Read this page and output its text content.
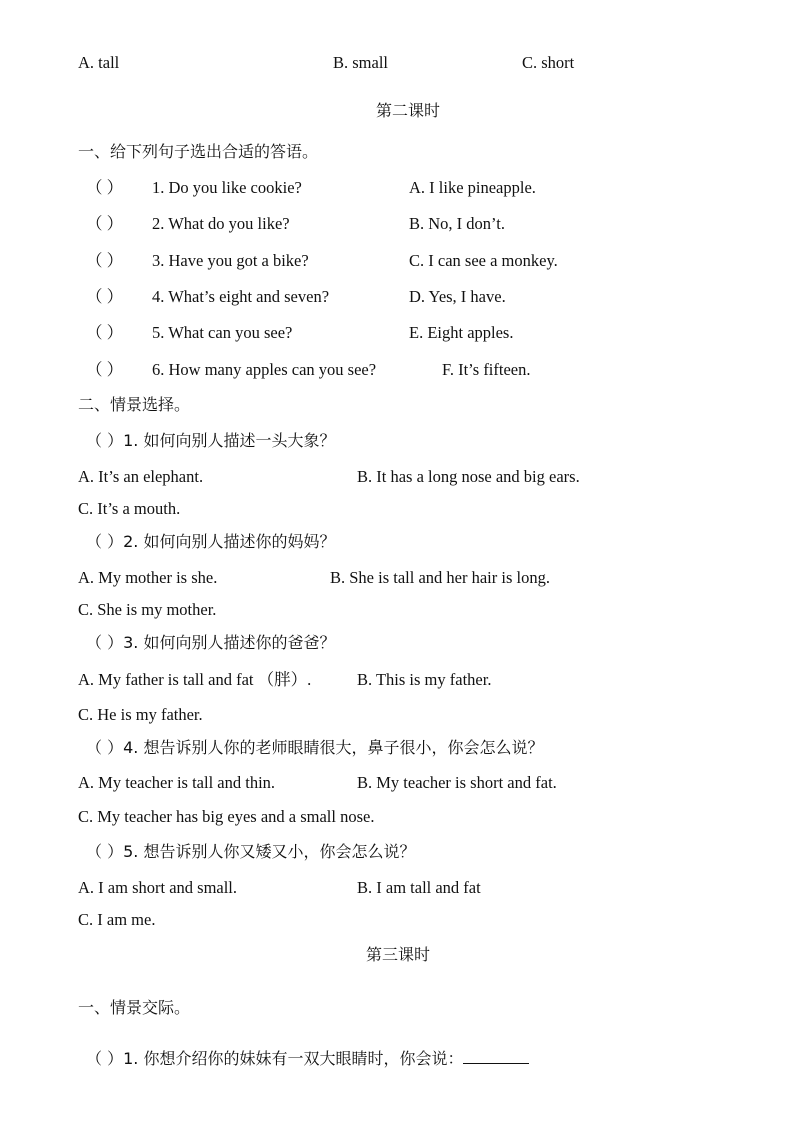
A. tall	B. small	C. short
第二课时
一、给下列句子选出合适的答语。
（ ） 1. Do you like cookie?	A. I like pineapple.
（ ） 2. What do you like?	B. No, I don’t.
（ ） 3. Have you got a bike?	C. I can see a monkey.
（ ） 4. What’s eight and seven?	D. Yes, I have.
（ ） 5. What can you see?	E. Eight apples.
（ ） 6. How many apples can you see?	F. It’s fifteen.
二、情景选择。
（ ）1. 如何向别人描述一头大象？
A. It’s an elephant.	B. It has a long nose and big ears.
C. It’s a mouth.
（ ）2. 如何向别人描述你的妈妈？
A. My mother is she.	B. She is tall and her hair is long.
C. She is my mother.
（ ）3. 如何向别人描述你的爸爸？
A. My father is tall and fat （胖）.	B. This is my father.
C. He is my father.
（ ）4. 想告诉别人你的老师眼睛很大，鼻子很小，你会怎么说？
A. My teacher is tall and thin.	B. My teacher is short and fat.
C. My teacher has big eyes and a small nose.
（ ）5. 想告诉别人你又矮又小，你会怎么说？
A. I am short and small.	B. I am tall and fat
C. I am me.
第三课时
一、情景交际。
（ ）1. 你想介绍你的妹妹有一双大眼睛时，你会说：
